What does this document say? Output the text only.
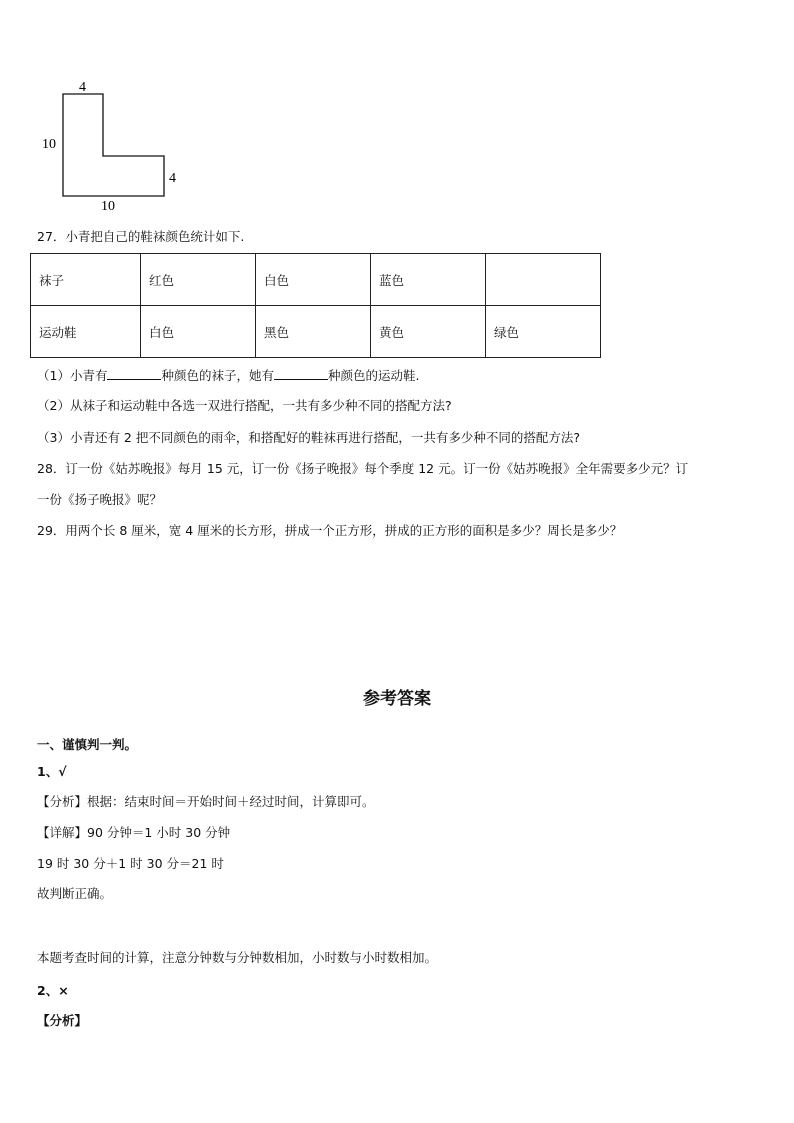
4
10
4
10
27．小青把自己的鞋袜颜色统计如下.
袜子	红色	白色	蓝色	
运动鞋	白色	黑色	黄色	绿色
（1）小青有	种颜色的袜子，她有	种颜色的运动鞋.
（2）从袜子和运动鞋中各选一双进行搭配，一共有多少种不同的搭配方法?
（3）小青还有 2 把不同颜色的雨伞，和搭配好的鞋袜再进行搭配，一共有多少种不同的搭配方法?
28．订一份《姑苏晚报》每月 15 元，订一份《扬子晚报》每个季度 12 元。订一份《姑苏晚报》全年需要多少元？订
一份《扬子晚报》呢？
29．用两个长 8 厘米，宽 4 厘米的长方形，拼成一个正方形，拼成的正方形的面积是多少？周长是多少？
参考答案
一、谨慎判一判。
1、√
【分析】根据：结束时间＝开始时间＋经过时间，计算即可。
【详解】90 分钟＝1 小时 30 分钟
19 时 30 分＋1 时 30 分＝21 时
故判断正确。
本题考查时间的计算，注意分钟数与分钟数相加，小时数与小时数相加。
2、×
【分析】
